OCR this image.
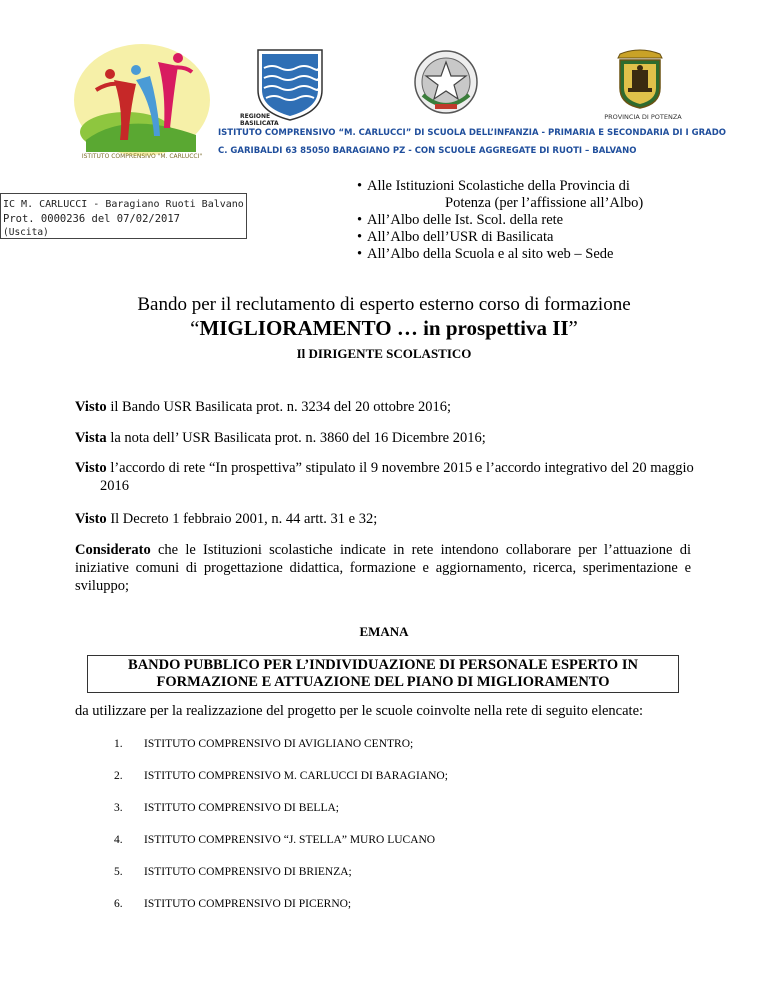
ISTITUTO COMPRENSIVO "M. CARLUCCI"
REGIONE BASILICATA
PROVINCIA DI POTENZA
ISTITUTO COMPRENSIVO “M. CARLUCCI” DI SCUOLA DELL’INFANZIA - PRIMARIA E SECONDARIA DI I GRADO
C. GARIBALDI 63 85050 BARAGIANO PZ - CON SCUOLE AGGREGATE DI RUOTI – BALVANO
IC M. CARLUCCI - Baragiano Ruoti Balvano
Prot. 0000236 del 07/02/2017
(Uscita)
• Alle Istituzioni Scolastiche della Provincia di
Potenza (per l’affissione all’Albo)
• All’Albo delle Ist. Scol. della rete
• All’Albo dell’USR di Basilicata
• All’Albo della Scuola e al sito web – Sede
Bando per il reclutamento di esperto esterno corso di formazione
“MIGLIORAMENTO … in prospettiva II”
Il DIRIGENTE SCOLASTICO
Visto il Bando USR Basilicata prot. n. 3234 del 20 ottobre 2016;
Vista la nota dell’ USR Basilicata prot. n. 3860 del 16 Dicembre 2016;
Visto l’accordo di rete “In prospettiva” stipulato il 9 novembre 2015 e l’accordo integrativo del 20 maggio 2016
Visto Il Decreto 1 febbraio 2001, n. 44 artt. 31 e 32;
Considerato che le Istituzioni scolastiche indicate in rete intendono collaborare per l’attuazione di iniziative comuni di progettazione didattica, formazione e aggiornamento, ricerca, sperimentazione e sviluppo;
EMANA
BANDO PUBBLICO PER L’INDIVIDUAZIONE DI PERSONALE ESPERTO IN
FORMAZIONE E ATTUAZIONE DEL PIANO DI MIGLIORAMENTO
da utilizzare per la realizzazione del progetto per le scuole coinvolte nella rete di seguito elencate:
1. ISTITUTO COMPRENSIVO DI AVIGLIANO CENTRO;
2. ISTITUTO COMPRENSIVO M. CARLUCCI DI BARAGIANO;
3. ISTITUTO COMPRENSIVO DI BELLA;
4. ISTITUTO COMPRENSIVO “J. STELLA” MURO LUCANO
5. ISTITUTO COMPRENSIVO DI BRIENZA;
6. ISTITUTO COMPRENSIVO DI PICERNO;
